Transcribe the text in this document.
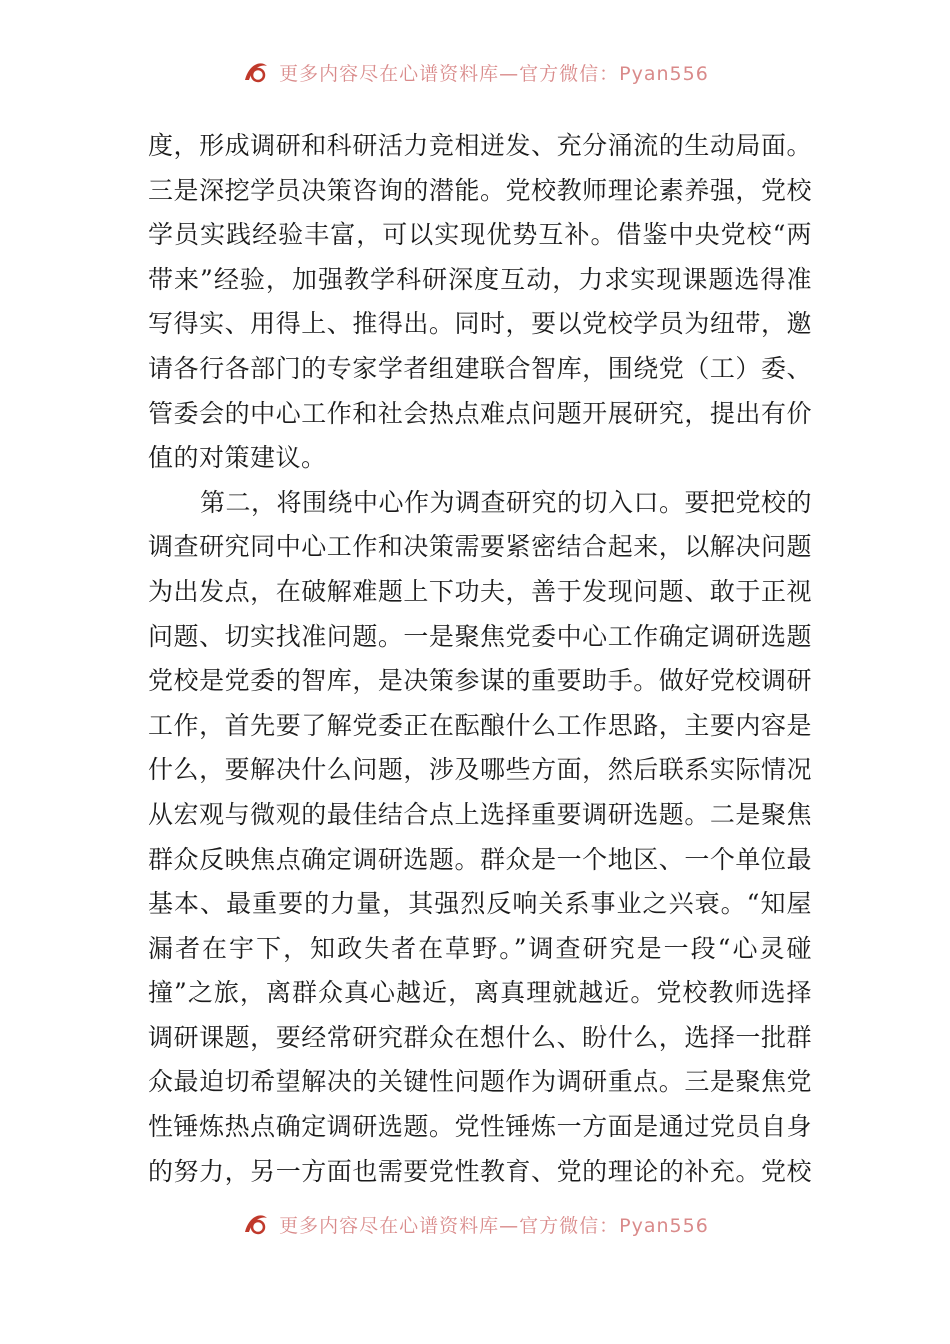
更多内容尽在心谱资料库—官方微信：Pyan556
度，形成调研和科研活力竞相迸发、充分涌流的生动局面。
三是深挖学员决策咨询的潜能。党校教师理论素养强，党校
学员实践经验丰富，可以实现优势互补。借鉴中央党校“两
带来”经验，加强教学科研深度互动，力求实现课题选得准
写得实、用得上、推得出。同时，要以党校学员为纽带，邀
请各行各部门的专家学者组建联合智库，围绕党（工）委、
管委会的中心工作和社会热点难点问题开展研究，提出有价
值的对策建议。
第二，将围绕中心作为调查研究的切入口。要把党校的
调查研究同中心工作和决策需要紧密结合起来，以解决问题
为出发点，在破解难题上下功夫，善于发现问题、敢于正视
问题、切实找准问题。一是聚焦党委中心工作确定调研选题
党校是党委的智库，是决策参谋的重要助手。做好党校调研
工作，首先要了解党委正在酝酿什么工作思路，主要内容是
什么，要解决什么问题，涉及哪些方面，然后联系实际情况
从宏观与微观的最佳结合点上选择重要调研选题。二是聚焦
群众反映焦点确定调研选题。群众是一个地区、一个单位最
基本、最重要的力量，其强烈反响关系事业之兴衰。“知屋
漏者在宇下，知政失者在草野。”调查研究是一段“心灵碰
撞”之旅，离群众真心越近，离真理就越近。党校教师选择
调研课题，要经常研究群众在想什么、盼什么，选择一批群
众最迫切希望解决的关键性问题作为调研重点。三是聚焦党
性锤炼热点确定调研选题。党性锤炼一方面是通过党员自身
的努力，另一方面也需要党性教育、党的理论的补充。党校
更多内容尽在心谱资料库—官方微信：Pyan556
